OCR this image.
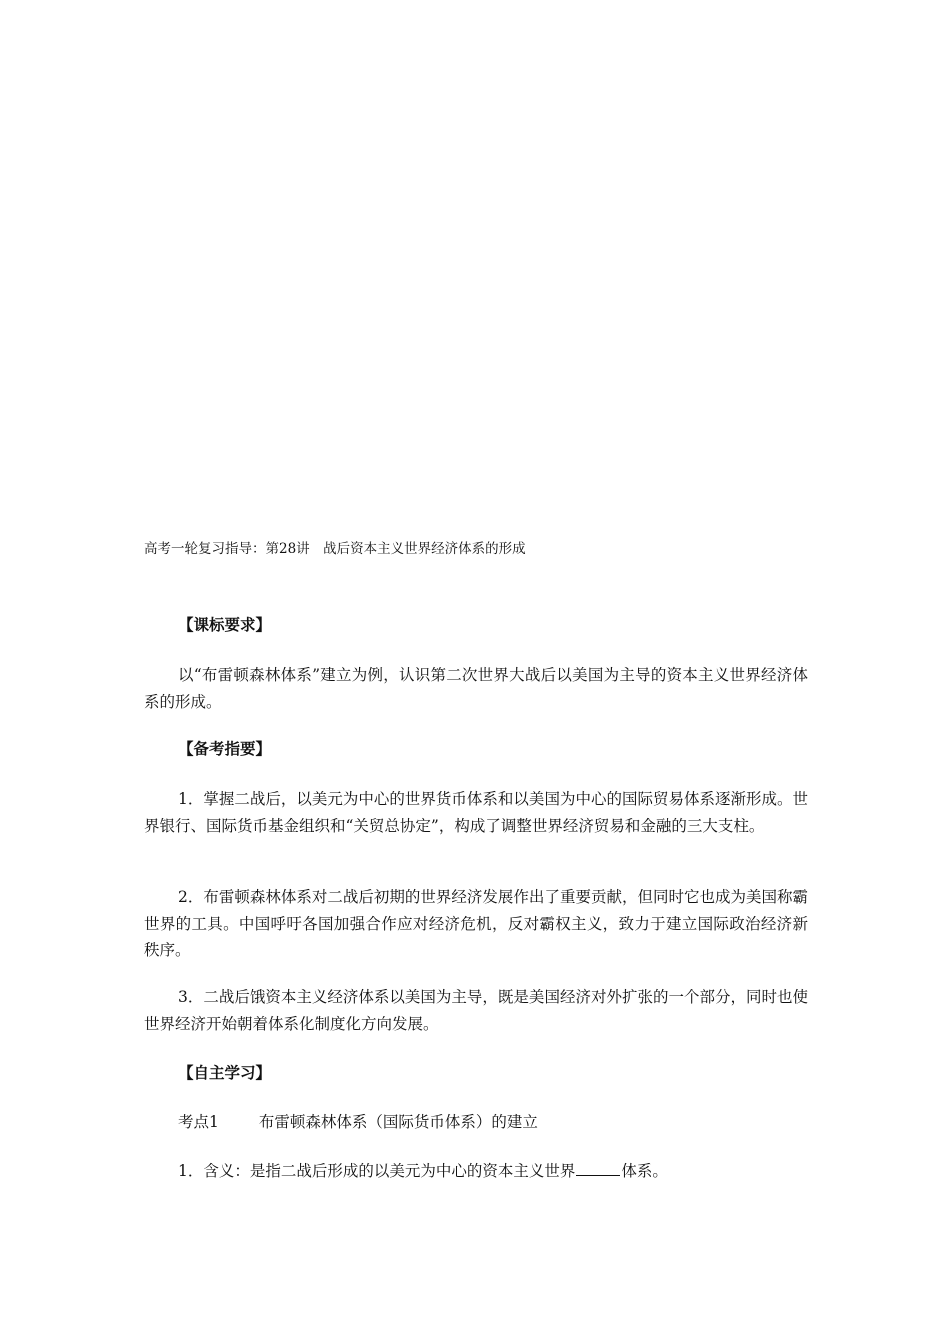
高考一轮复习指导：第28讲　战后资本主义世界经济体系的形成
【课标要求】

以“布雷顿森林体系”建立为例，认识第二次世界大战后以美国为主导的资本主义世界经济体系的形成。

【备考指要】

1．掌握二战后，以美元为中心的世界货币体系和以美国为中心的国际贸易体系逐渐形成。世界银行、国际货币基金组织和“关贸总协定”，构成了调整世界经济贸易和金融的三大支柱。

2．布雷顿森林体系对二战后初期的世界经济发展作出了重要贡献，但同时它也成为美国称霸世界的工具。中国呼吁各国加强合作应对经济危机，反对霸权主义，致力于建立国际政治经济新秩序。

3．二战后饿资本主义经济体系以美国为主导，既是美国经济对外扩张的一个部分，同时也使世界经济开始朝着体系化制度化方向发展。

【自主学习】
考点1	布雷顿森林体系（国际货币体系）的建立
1．含义：是指二战后形成的以美元为中心的资本主义世界	体系。
